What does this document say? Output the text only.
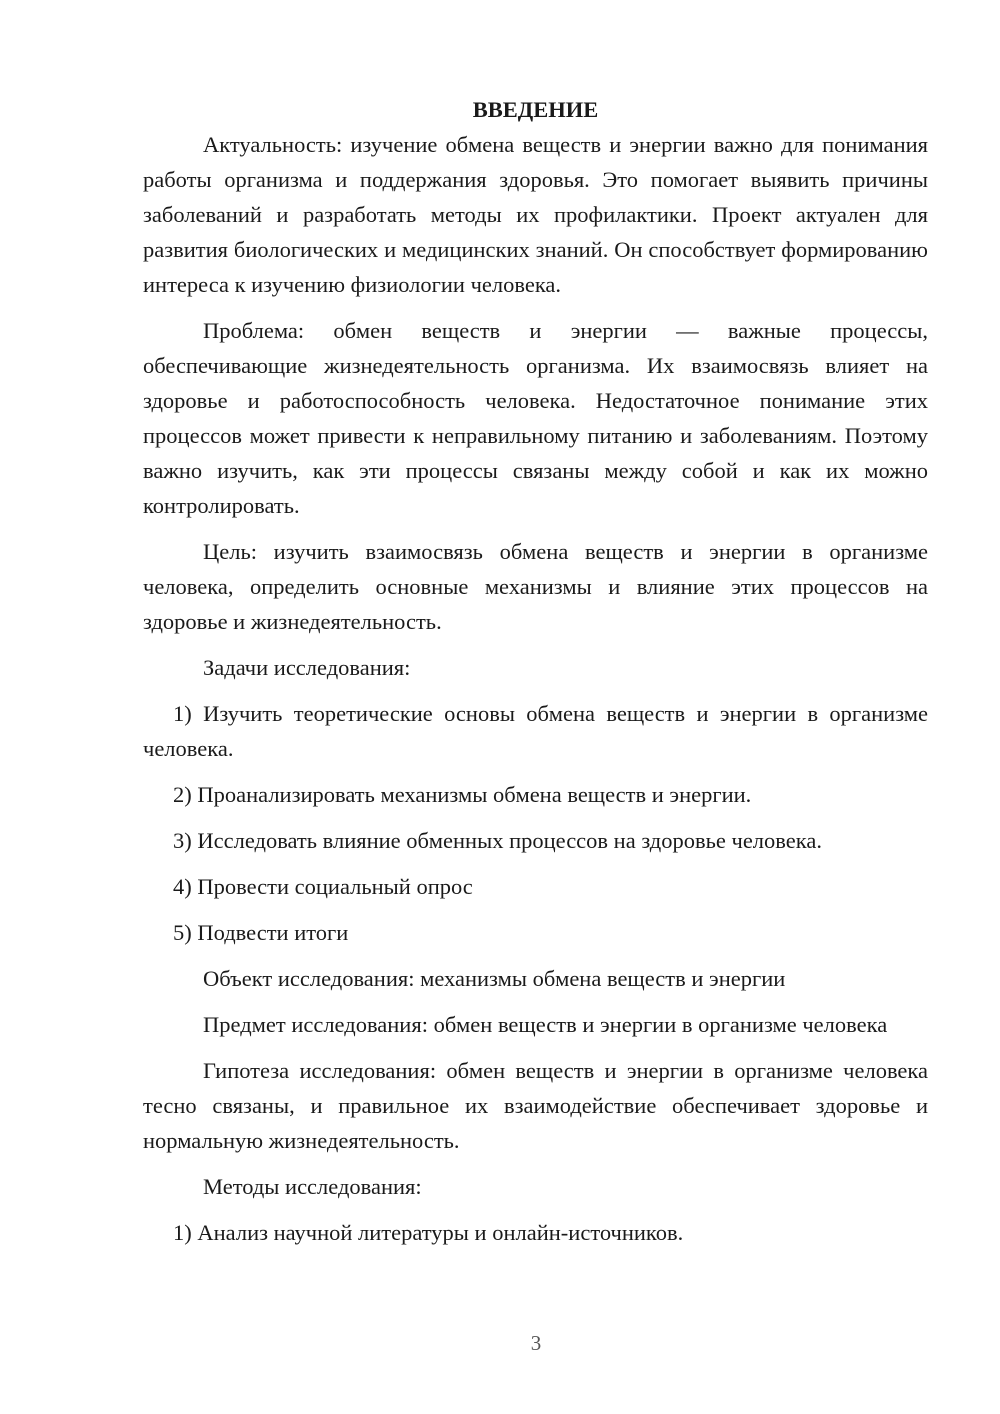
ВВЕДЕНИЕ

Актуальность: изучение обмена веществ и энергии важно для понимания работы организма и поддержания здоровья. Это помогает выявить причины заболеваний и разработать методы их профилактики. Проект актуален для развития биологических и медицинских знаний. Он способствует формированию интереса к изучению физиологии человека.

Проблема: обмен веществ и энергии — важные процессы, обеспечивающие жизнедеятельность организма. Их взаимосвязь влияет на здоровье и работоспособность человека. Недостаточное понимание этих процессов может привести к неправильному питанию и заболеваниям. Поэтому важно изучить, как эти процессы связаны между собой и как их можно контролировать.

Цель: изучить взаимосвязь обмена веществ и энергии в организме человека, определить основные механизмы и влияние этих процессов на здоровье и жизнедеятельность.

Задачи исследования:

1) Изучить теоретические основы обмена веществ и энергии в организме человека.

2) Проанализировать механизмы обмена веществ и энергии.

3) Исследовать влияние обменных процессов на здоровье человека.

4) Провести социальный опрос

5) Подвести итоги

Объект исследования: механизмы обмена веществ и энергии

Предмет исследования: обмен веществ и энергии в организме человека

Гипотеза исследования: обмен веществ и энергии в организме человека тесно связаны, и правильное их взаимодействие обеспечивает здоровье и нормальную жизнедеятельность.

Методы исследования:

1) Анализ научной литературы и онлайн-источников.

3
